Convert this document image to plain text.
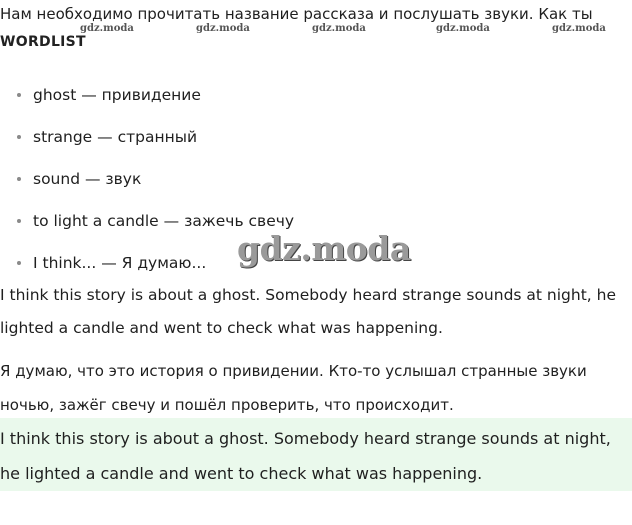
Нам необходимо прочитать название рассказа и послушать звуки. Как ты
gdz.moda	gdz.moda	gdz.moda	gdz.moda	gdz.moda
WORDLIST
ghost — привидение
strange — странный
sound — звук
to light a candle — зажечь свечу
I think... — Я думаю... gdz.moda
I think this story is about a ghost. Somebody heard strange sounds at night, he lighted a candle and went to check what was happening.
Я думаю, что это история о привидении. Кто-то услышал странные звуки ночью, зажёг свечу и пошёл проверить, что происходит.
I think this story is about a ghost. Somebody heard strange sounds at night, he lighted a candle and went to check what was happening.
